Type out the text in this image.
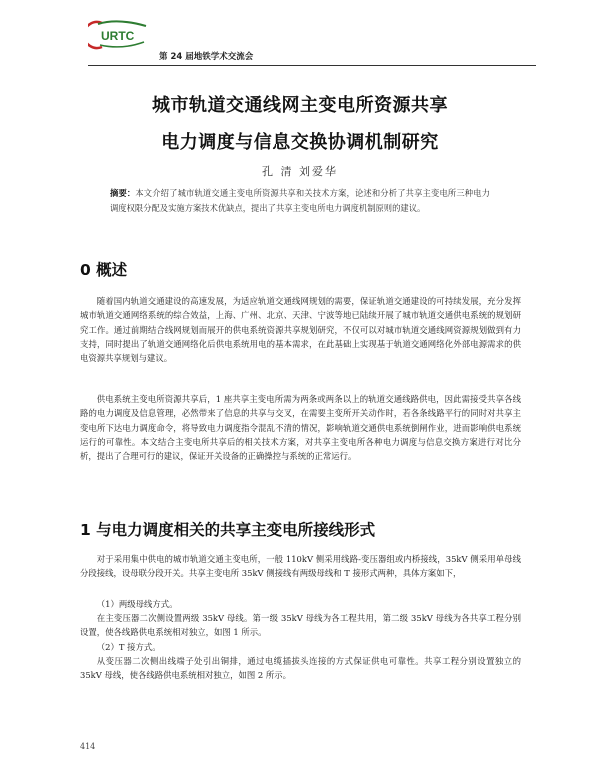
URTC
第 24 届地铁学术交流会
城市轨道交通线网主变电所资源共享
电力调度与信息交换协调机制研究
孔 清 刘爱华
摘要：本文介绍了城市轨道交通主变电所资源共享和关技术方案，论述和分析了共享主变电所三种电力调度权限分配及实施方案技术优缺点，提出了共享主变电所电力调度机制原则的建议。
0 概述

随着国内轨道交通建设的高速发展，为适应轨道交通线网规划的需要，保证轨道交通建设的可持续发展，充分发挥城市轨道交通网络系统的综合效益，上海、广州、北京、天津、宁波等地已陆续开展了城市轨道交通供电系统的规划研究工作。通过前期结合线网规划而展开的供电系统资源共享规划研究，不仅可以对城市轨道交通线网资源规划做到有力支持，同时提出了轨道交通网络化后供电系统用电的基本需求，在此基础上实现基于轨道交通网络化外部电源需求的供电资源共享规划与建议。

供电系统主变电所资源共享后，1 座共享主变电所需为两条或两条以上的轨道交通线路供电，因此需接受共享各线路的电力调度及信息管理，必然带来了信息的共享与交叉，在需要主变所开关动作时，若各条线路平行的同时对共享主变电所下达电力调度命令，将导致电力调度指令混乱不清的情况，影响轨道交通供电系统倒闸作业，进而影响供电系统运行的可靠性。本文结合主变电所共享后的相关技术方案，对共享主变电所各种电力调度与信息交换方案进行对比分析，提出了合理可行的建议，保证开关设备的正确操控与系统的正常运行。

1 与电力调度相关的共享主变电所接线形式

对于采用集中供电的城市轨道交通主变电所，一般 110kV 侧采用线路-变压器组或内桥接线，35kV 侧采用单母线分段接线，设母联分段开关。共享主变电所 35kV 侧接线有两级母线和 T 接形式两种，具体方案如下，

（1）两级母线方式。

在主变压器二次侧设置两级 35kV 母线。第一级 35kV 母线为各工程共用，第二级 35kV 母线为各共享工程分别设置，使各线路供电系统相对独立，如图 1 所示。

（2）T 接方式。

从变压器二次侧出线端子处引出铜排，通过电缆插拔头连接的方式保证供电可靠性。共享工程分别设置独立的 35kV 母线，使各线路供电系统相对独立，如图 2 所示。

414
